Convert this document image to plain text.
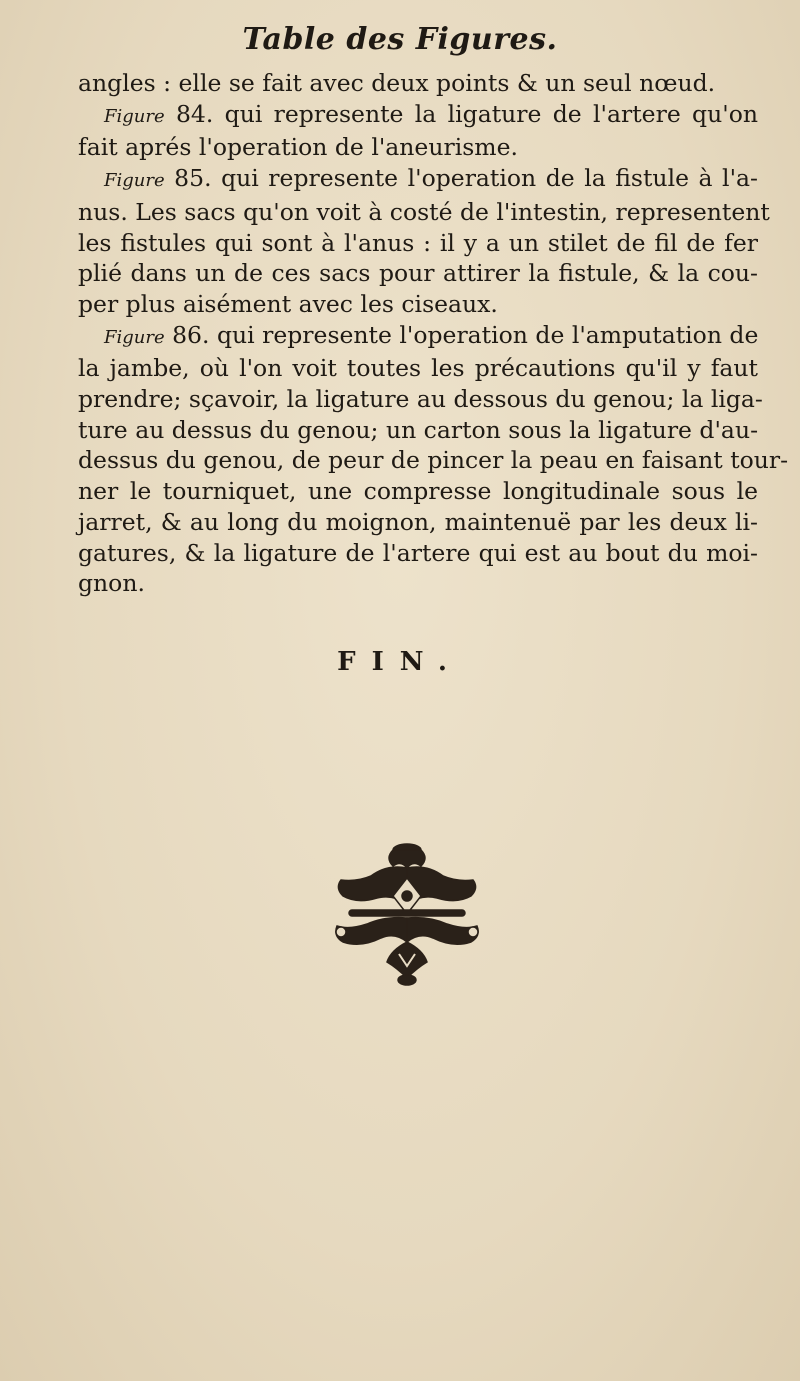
Table des Figures.
angles : elle se fait avec deux points & un seul nœud.
Figure 84. qui represente la ligature de l'artere qu'on
fait aprés l'operation de l'aneurisme.
Figure 85. qui represente l'operation de la fistule à l'a-
nus. Les sacs qu'on voit à costé de l'intestin, representent
les fistules qui sont à l'anus : il y a un stilet de fil de fer
plié dans un de ces sacs pour attirer la fistule, & la cou-
per plus aisément avec les ciseaux.
Figure 86. qui represente l'operation de l'amputation de
la jambe, où l'on voit toutes les précautions qu'il y faut
prendre; sçavoir, la ligature au dessous du genou; la liga-
ture au dessus du genou; un carton sous la ligature d'au-
dessus du genou, de peur de pincer la peau en faisant tour-
ner le tourniquet, une compresse longitudinale sous le
jarret, & au long du moignon, maintenuë par les deux li-
gatures, & la ligature de l'artere qui est au bout du moi-
gnon.
FIN.
